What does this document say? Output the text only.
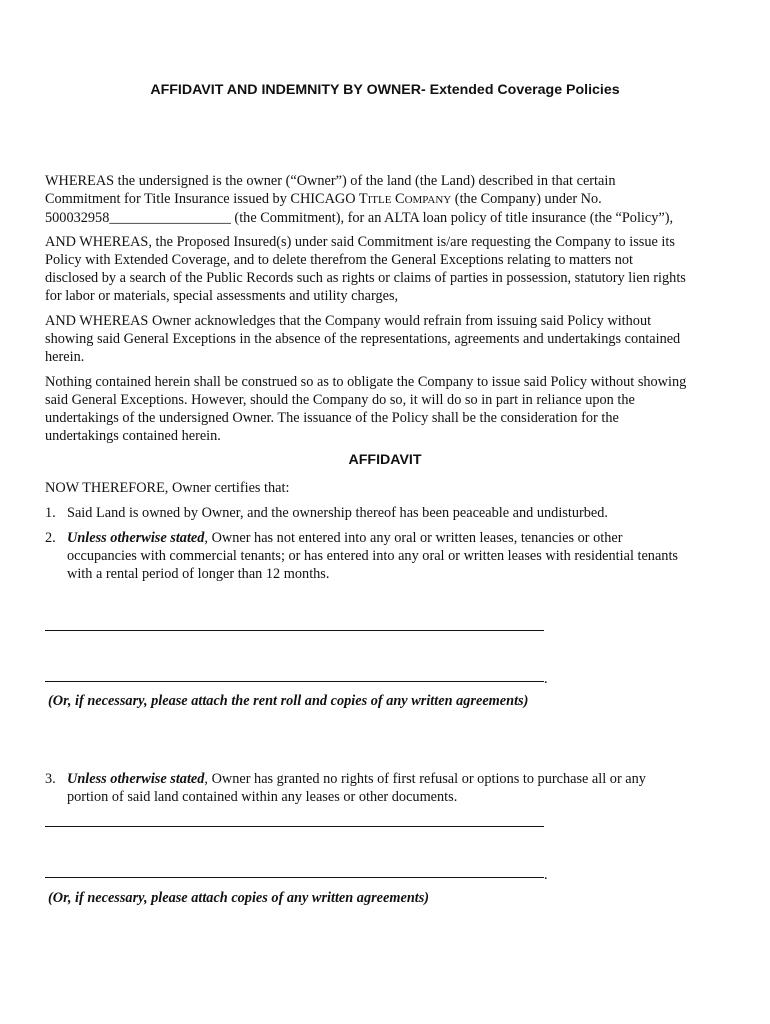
AFFIDAVIT AND INDEMNITY BY OWNER- Extended Coverage Policies
WHEREAS the undersigned is the owner (“Owner”) of the land (the Land) described in that certain
Commitment for Title Insurance issued by CHICAGO TITLE COMPANY (the Company) under No.
500032958_________________ (the Commitment), for an ALTA loan policy of title insurance (the “Policy”),
AND WHEREAS, the Proposed Insured(s) under said Commitment is/are requesting the Company to issue its
Policy with Extended Coverage, and to delete therefrom the General Exceptions relating to matters not
disclosed by a search of the Public Records such as rights or claims of parties in possession, statutory lien rights
for labor or materials, special assessments and utility charges,
AND WHEREAS Owner acknowledges that the Company would refrain from issuing said Policy without
showing said General Exceptions in the absence of the representations, agreements and undertakings contained
herein.
Nothing contained herein shall be construed so as to obligate the Company to issue said Policy without showing
said General Exceptions. However, should the Company do so, it will do so in part in reliance upon the
undertakings of the undersigned Owner. The issuance of the Policy shall be the consideration for the
undertakings contained herein.
AFFIDAVIT
NOW THEREFORE, Owner certifies that:
1. Said Land is owned by Owner, and the ownership thereof has been peaceable and undisturbed.
2. Unless otherwise stated, Owner has not entered into any oral or written leases, tenancies or other
occupancies with commercial tenants; or has entered into any oral or written leases with residential tenants
with a rental period of longer than 12 months.
.
(Or, if necessary, please attach the rent roll and copies of any written agreements)
3. Unless otherwise stated, Owner has granted no rights of first refusal or options to purchase all or any
portion of said land contained within any leases or other documents.
.
(Or, if necessary, please attach copies of any written agreements)
